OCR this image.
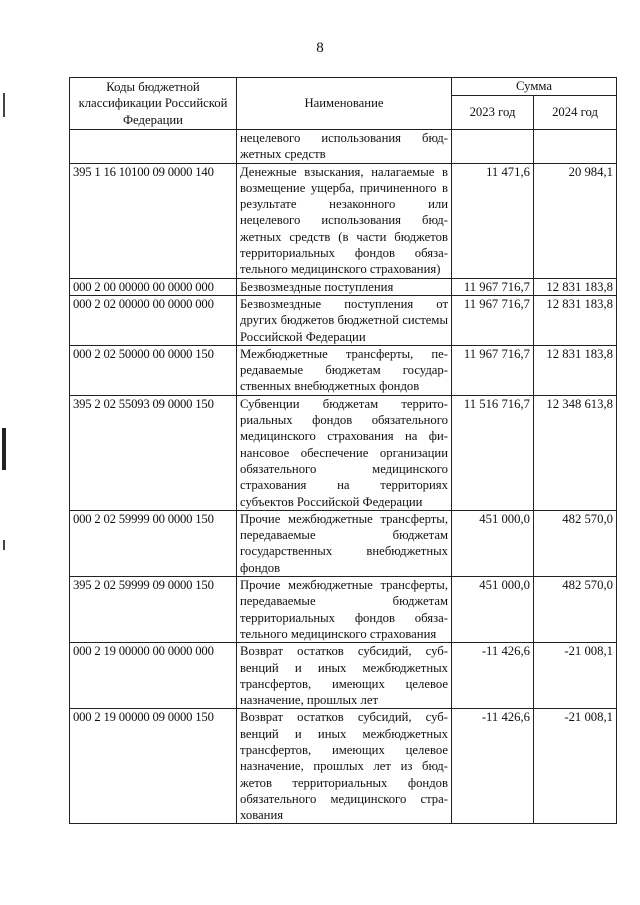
8
Коды бюджетной классификации Российской Федерации	Наименование	Сумма	
		2023 год	2024 год
	нецелевого использования бюджетных средств		
395 1 16 10100 09 0000 140	Денежные взыскания, налагаемые в возмещение ущерба, причиненного в результате незаконного или нецелевого использования бюджетных средств (в части бюджетов территориальных фондов обязательного медицинского страхования)	11 471,6	20 984,1
000 2 00 00000 00 0000 000	Безвозмездные поступления	11 967 716,7	12 831 183,8
000 2 02 00000 00 0000 000	Безвозмездные поступления от других бюджетов бюджетной системы Российской Федерации	11 967 716,7	12 831 183,8
000 2 02 50000 00 0000 150	Межбюджетные трансферты, передаваемые бюджетам государственных внебюджетных фондов	11 967 716,7	12 831 183,8
395 2 02 55093 09 0000 150	Субвенции бюджетам территориальных фондов обязательного медицинского страхования на финансовое обеспечение организации обязательного медицинского страхования на территориях субъектов Российской Федерации	11 516 716,7	12 348 613,8
000 2 02 59999 00 0000 150	Прочие межбюджетные трансферты, передаваемые бюджетам государственных внебюджетных фондов	451 000,0	482 570,0
395 2 02 59999 09 0000 150	Прочие межбюджетные трансферты, передаваемые бюджетам территориальных фондов обязательного медицинского страхования	451 000,0	482 570,0
000 2 19 00000 00 0000 000	Возврат остатков субсидий, субвенций и иных межбюджетных трансфертов, имеющих целевое назначение, прошлых лет	-11 426,6	-21 008,1
000 2 19 00000 09 0000 150	Возврат остатков субсидий, субвенций и иных межбюджетных трансфертов, имеющих целевое назначение, прошлых лет из бюджетов территориальных фондов обязательного медицинского страхования	-11 426,6	-21 008,1
